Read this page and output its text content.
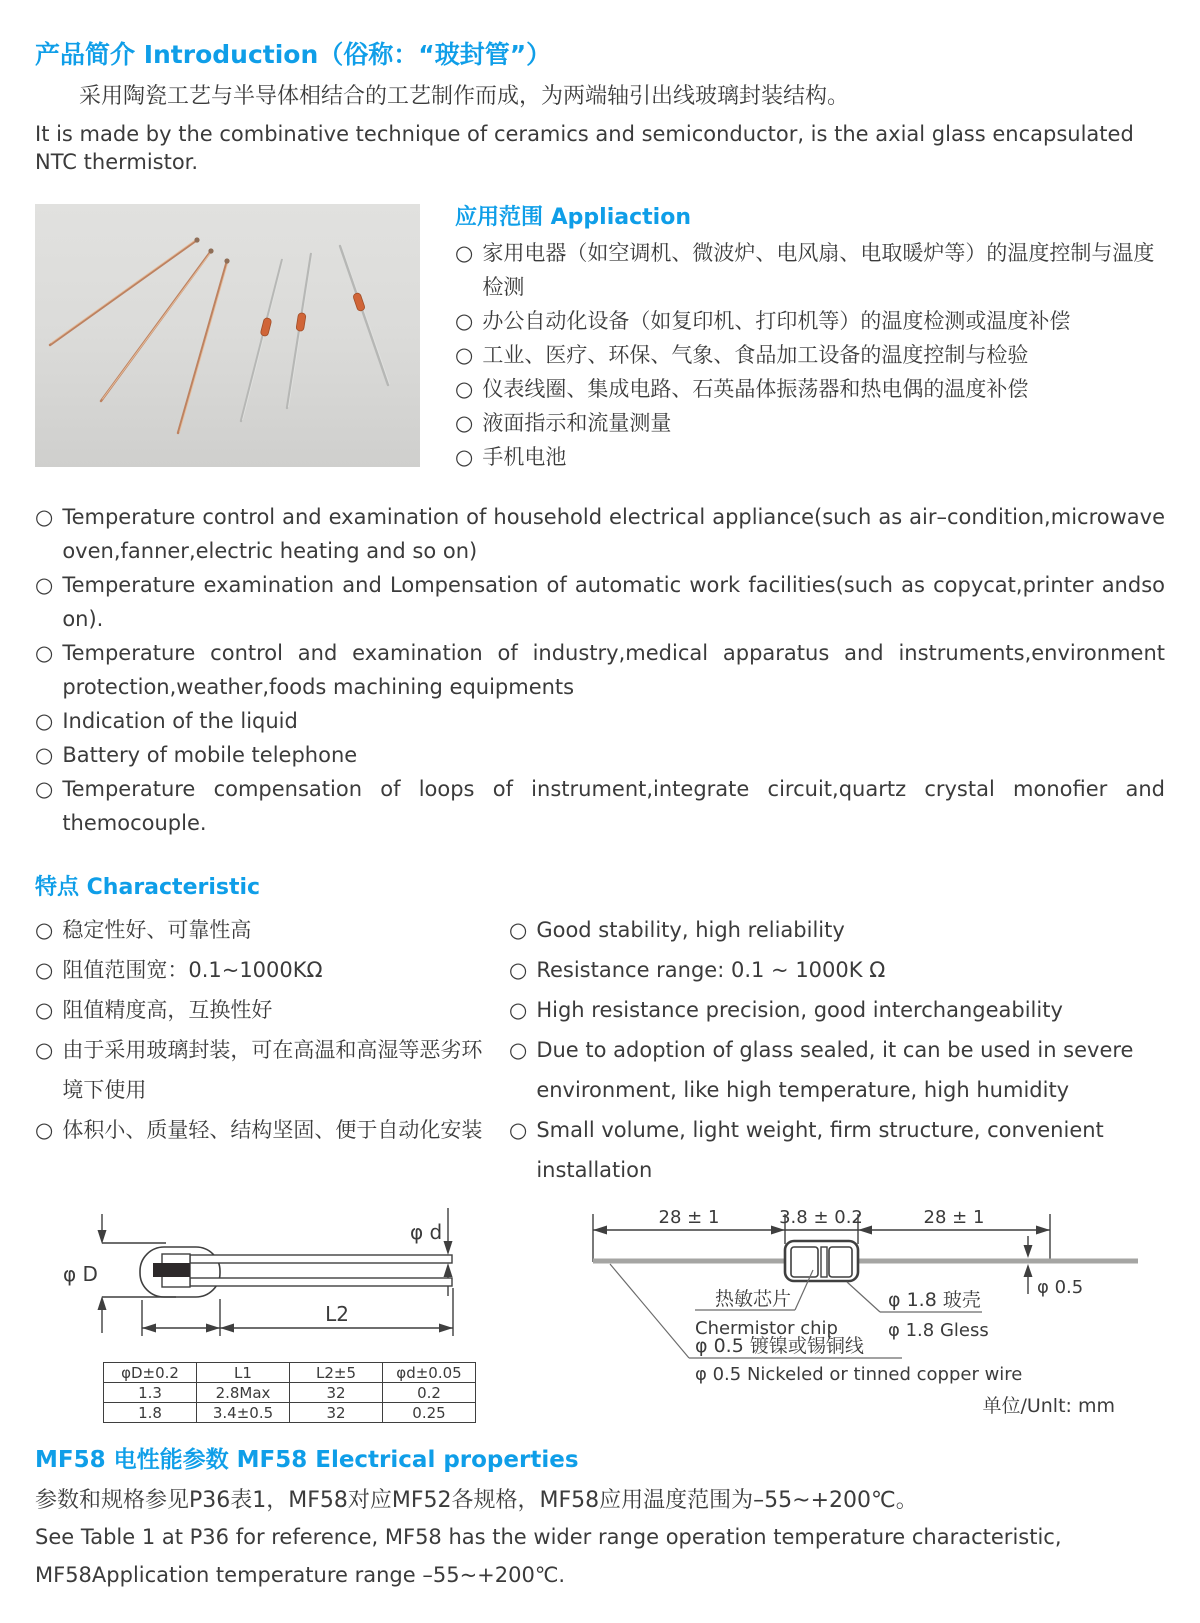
产品简介 Introduction（俗称：“玻封管”）

采用陶瓷工艺与半导体相结合的工艺制作而成，为两端轴引出线玻璃封装结构。

It is made by the combinative technique of ceramics and semiconductor, is the axial glass encapsulated NTC thermistor.

应用范围 Appliaction
○ 家用电器（如空调机、微波炉、电风扇、电取暖炉等）的温度控制与温度检测
○ 办公自动化设备（如复印机、打印机等）的温度检测或温度补偿
○ 工业、医疗、环保、气象、食品加工设备的温度控制与检验
○ 仪表线圈、集成电路、石英晶体振荡器和热电偶的温度补偿
○ 液面指示和流量测量
○ 手机电池
○ Temperature control and examination of household electrical appliance(such as air–condition,microwave oven,fanner,electric heating and so on)
○ Temperature examination and Lompensation of automatic work facilities(such as copycat,printer andso on).
○ Temperature control and examination of industry,medical apparatus and instruments,environment protection,weather,foods machining equipments
○ Indication of the liquid
○ Battery of mobile telephone
○ Temperature compensation of loops of instrument,integrate circuit,quartz crystal monofier and themocouple.
特点 Characteristic
○ 稳定性好、可靠性高
○ 阻值范围宽：0.1~1000KΩ
○ 阻值精度高，互换性好
○ 由于采用玻璃封装，可在高温和高湿等恶劣环境下使用
○ 体积小、质量轻、结构坚固、便于自动化安装
○ Good stability, high reliability
○ Resistance range: 0.1 ~ 1000K Ω
○ High resistance precision, good interchangeability
○ Due to adoption of glass sealed, it can be used in severe environment, like high temperature, high humidity
○ Small volume, light weight, firm structure, convenient installation
φ D
φ d
L2
φD±0.2	L1	L2±5	φd±0.05
1.3	2.8Max	32	0.2
1.8	3.4±0.5	32	0.25
28 ± 1	3.8 ± 0.2	28 ± 1
φ 0.5
热敏芯片
Chermistor chip
φ 1.8 玻壳
φ 1.8 Gless
φ 0.5 镀镍或锡铜线
φ 0.5 Nickeled or tinned copper wire
单位/Unlt: mm
MF58 电性能参数 MF58 Electrical properties

参数和规格参见P36表1，MF58对应MF52各规格，MF58应用温度范围为–55~+200℃。

See Table 1 at P36 for reference, MF58 has the wider range operation temperature characteristic,

MF58Application temperature range –55~+200℃.
